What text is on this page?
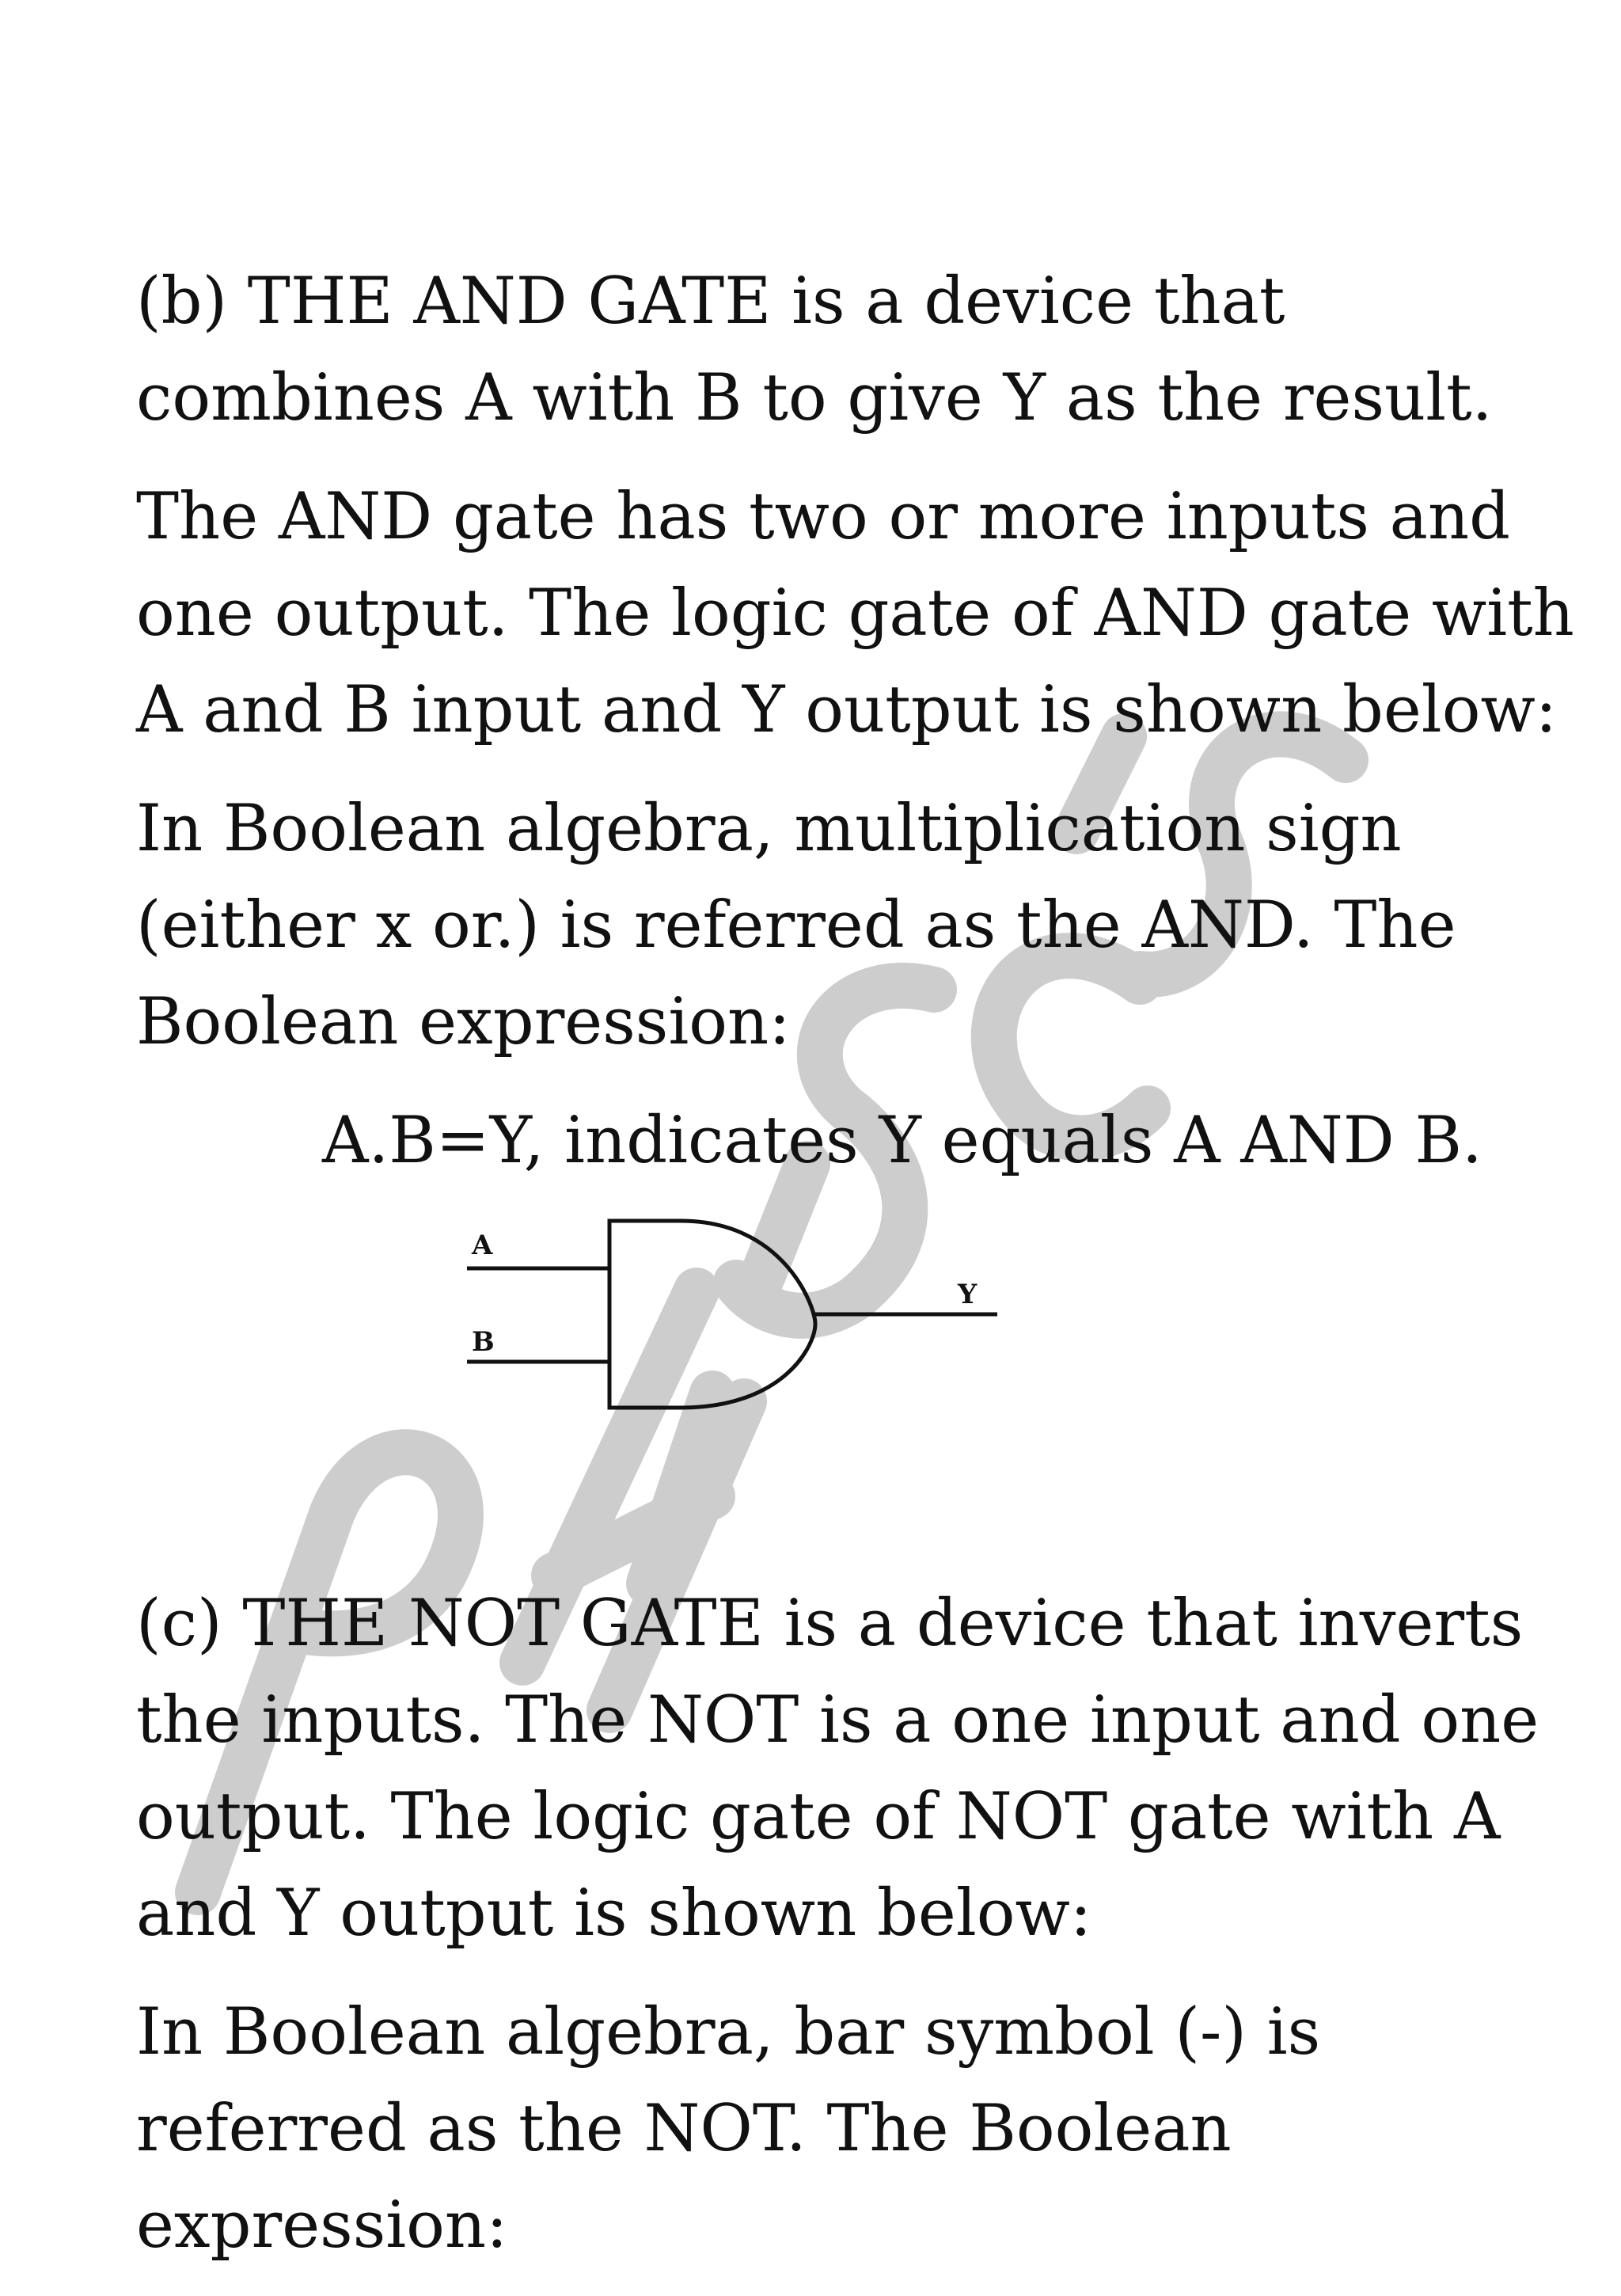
(b) THE AND GATE is a device that combines A with B to give Y as the result.

The AND gate has two or more inputs and one output. The logic gate of AND gate with A and B input and Y output is shown below:

In Boolean algebra, multiplication sign (either x or.) is referred as the AND. The Boolean expression:

A.B=Y, indicates Y equals A AND B.

A
B
Y

(c) THE NOT GATE is a device that inverts the inputs. The NOT is a one input and one output. The logic gate of NOT gate with A and Y output is shown below:

In Boolean algebra, bar symbol (-) is referred as the NOT. The Boolean expression:
